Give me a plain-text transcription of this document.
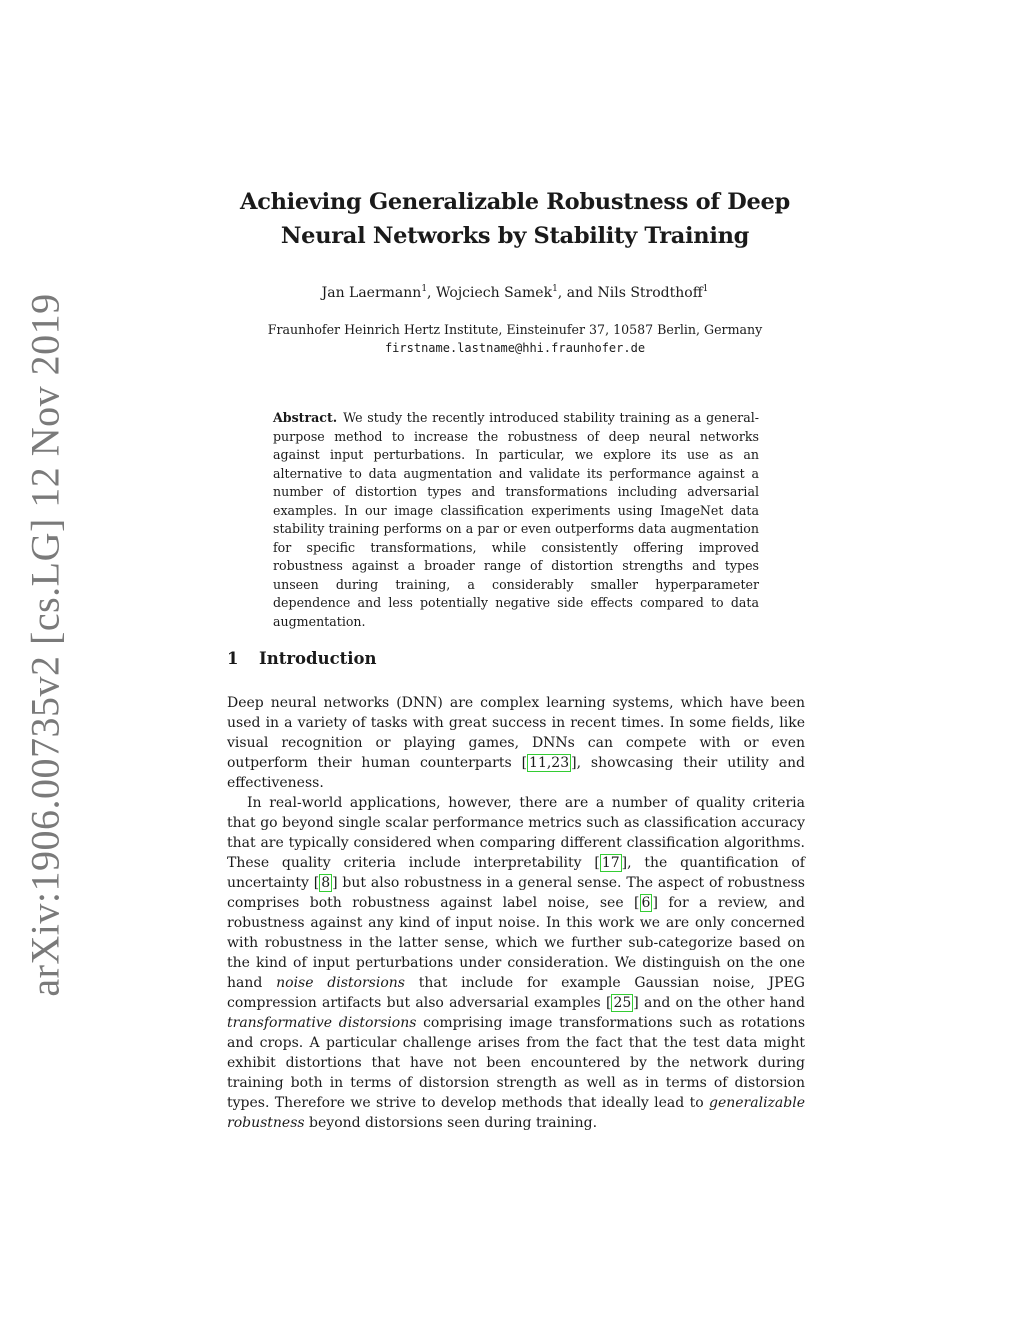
arXiv:1906.00735v2 [cs.LG] 12 Nov 2019
Achieving Generalizable Robustness of Deep
Neural Networks by Stability Training
Jan Laermann$^1$, Wojciech Samek$^1$, and Nils Strodthoff$^1$
Fraunhofer Heinrich Hertz Institute, Einsteinufer 37, 10587 Berlin, Germany
firstname.lastname@hhi.fraunhofer.de
Abstract. We study the recently introduced stability training as a general-purpose method to increase the robustness of deep neural networks against input perturbations. In particular, we explore its use as an alternative to data augmentation and validate its performance against a number of distortion types and transformations including adversarial examples. In our image classification experiments using ImageNet data stability training performs on a par or even outperforms data augmentation for specific transformations, while consistently offering improved robustness against a broader range of distortion strengths and types unseen during training, a considerably smaller hyperparameter dependence and less potentially negative side effects compared to data augmentation.
1 Introduction

Deep neural networks (DNN) are complex learning systems, which have been used in a variety of tasks with great success in recent times. In some fields, like visual recognition or playing games, DNNs can compete with or even outperform their human counterparts [ 11,23 ], showcasing their utility and effectiveness.

In real-world applications, however, there are a number of quality criteria that go beyond single scalar performance metrics such as classification accuracy that are typically considered when comparing different classification algorithms. These quality criteria include interpretability [ 17 ], the quantification of uncertainty [ 8 ] but also robustness in a general sense. The aspect of robustness comprises both robustness against label noise, see [ 6 ] for a review, and robustness against any kind of input noise. In this work we are only concerned with robustness in the latter sense, which we further sub-categorize based on the kind of input perturbations under consideration. We distinguish on the one hand noise distorsions that include for example Gaussian noise, JPEG compression artifacts but also adversarial examples [ 25 ] and on the other hand transformative distorsions comprising image transformations such as rotations and crops. A particular challenge arises from the fact that the test data might exhibit distortions that have not been encountered by the network during training both in terms of distorsion strength as well as in terms of distorsion types. Therefore we strive to develop methods that ideally lead to generalizable robustness beyond distorsions seen during training.
